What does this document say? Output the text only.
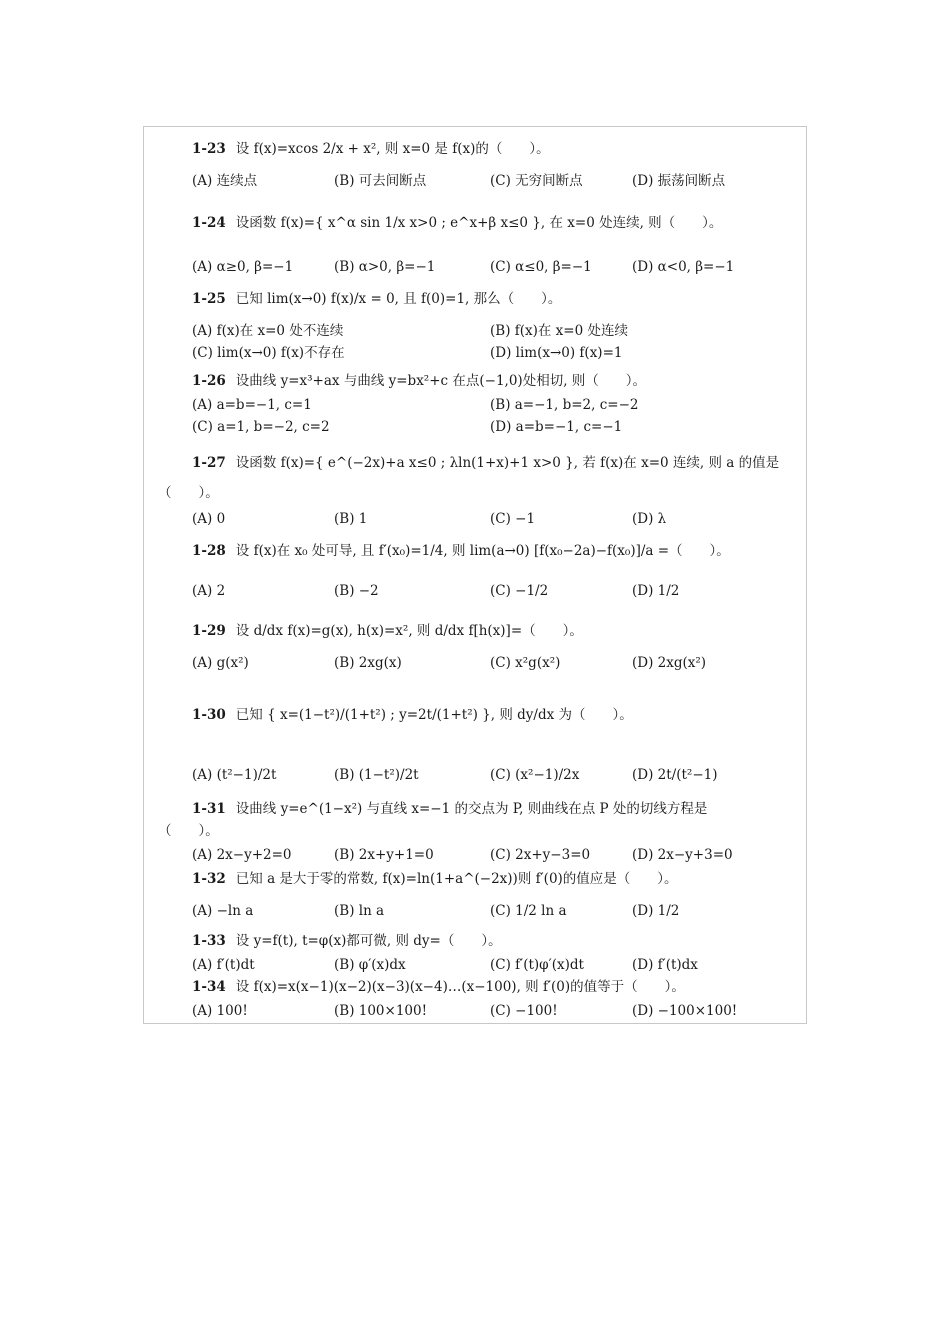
1-23 设 f(x)=xcos 2/x + x², 则 x=0 是 f(x)的（　　）。
(A) 连续点	(B) 可去间断点	(C) 无穷间断点	(D) 振荡间断点
1-24 设函数 f(x)={ x^α sin 1/x x>0 ; e^x+β x≤0 }, 在 x=0 处连续, 则（　　）。
(A) α≥0, β=−1	(B) α>0, β=−1	(C) α≤0, β=−1	(D) α<0, β=−1
1-25 已知 lim(x→0) f(x)/x = 0, 且 f(0)=1, 那么（　　）。
(A) f(x)在 x=0 处不连续	(B) f(x)在 x=0 处连续
(C) lim(x→0) f(x)不存在	(D) lim(x→0) f(x)=1
1-26 设曲线 y=x³+ax 与曲线 y=bx²+c 在点(−1,0)处相切, 则（　　）。
(A) a=b=−1, c=1	(B) a=−1, b=2, c=−2
(C) a=1, b=−2, c=2	(D) a=b=−1, c=−1
1-27 设函数 f(x)={ e^(−2x)+a x≤0 ; λln(1+x)+1 x>0 }, 若 f(x)在 x=0 连续, 则 a 的值是
（　　）。
(A) 0	(B) 1	(C) −1	(D) λ
1-28 设 f(x)在 x₀ 处可导, 且 f′(x₀)=1/4, 则 lim(a→0) [f(x₀−2a)−f(x₀)]/a =（　　）。
(A) 2	(B) −2	(C) −1/2	(D) 1/2
1-29 设 d/dx f(x)=g(x), h(x)=x², 则 d/dx f[h(x)]=（　　）。
(A) g(x²)	(B) 2xg(x)	(C) x²g(x²)	(D) 2xg(x²)
1-30 已知 { x=(1−t²)/(1+t²) ; y=2t/(1+t²) }, 则 dy/dx 为（　　）。
(A) (t²−1)/2t	(B) (1−t²)/2t	(C) (x²−1)/2x	(D) 2t/(t²−1)
1-31 设曲线 y=e^(1−x²) 与直线 x=−1 的交点为 P, 则曲线在点 P 处的切线方程是
（　　）。
(A) 2x−y+2=0	(B) 2x+y+1=0	(C) 2x+y−3=0	(D) 2x−y+3=0
1-32 已知 a 是大于零的常数, f(x)=ln(1+a^(−2x))则 f′(0)的值应是（　　）。
(A) −ln a	(B) ln a	(C) 1/2 ln a	(D) 1/2
1-33 设 y=f(t), t=φ(x)都可微, 则 dy=（　　）。
(A) f′(t)dt	(B) φ′(x)dx	(C) f′(t)φ′(x)dt	(D) f′(t)dx
1-34 设 f(x)=x(x−1)(x−2)(x−3)(x−4)…(x−100), 则 f′(0)的值等于（　　）。
(A) 100!	(B) 100×100!	(C) −100!	(D) −100×100!
